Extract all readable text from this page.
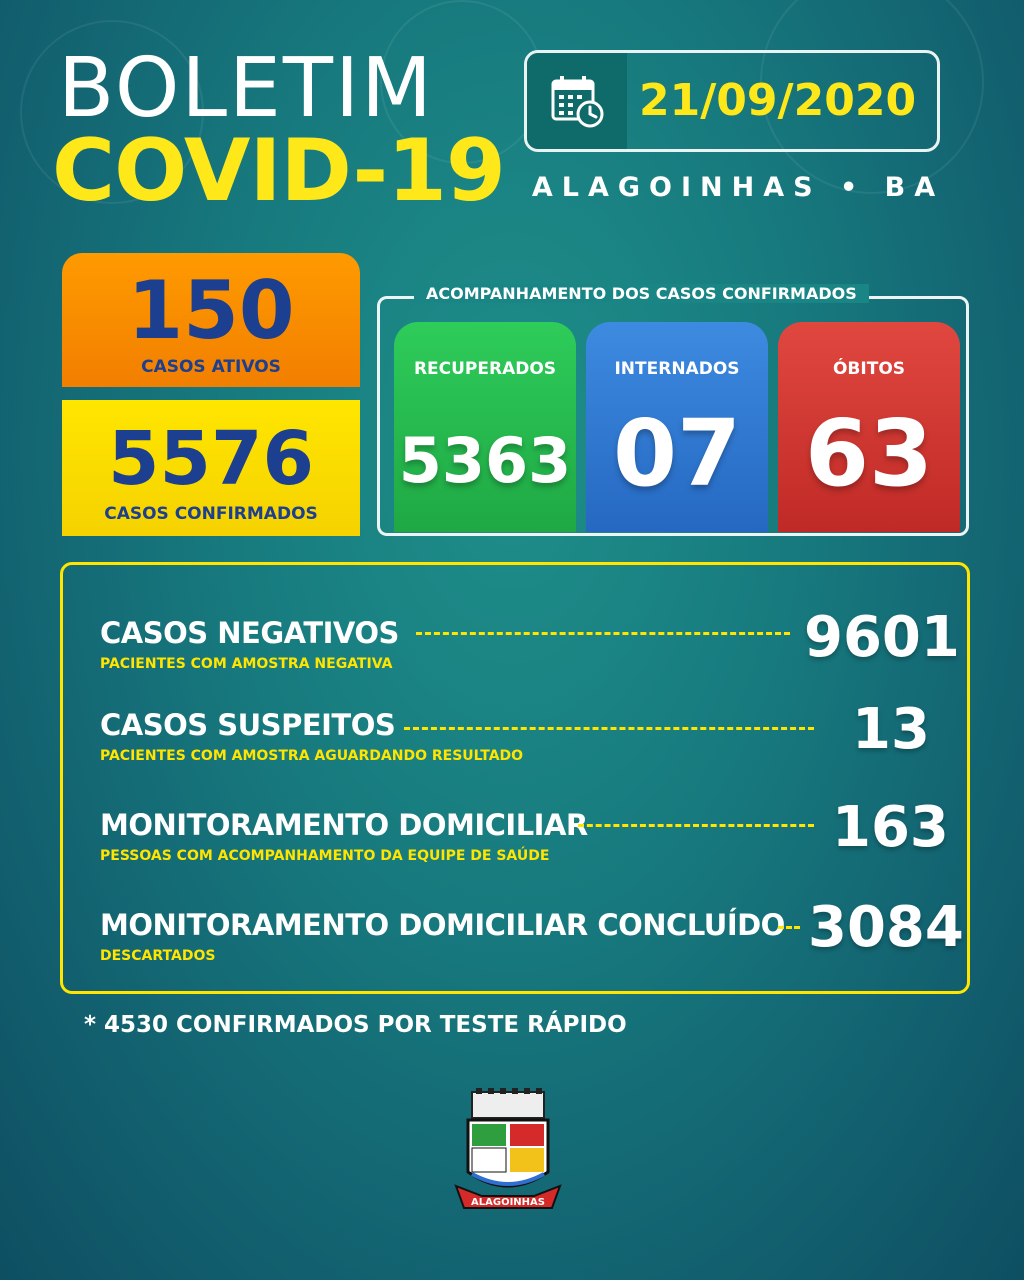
BOLETIM
COVID-19
21/09/2020
ALAGOINHAS • BA
150
CASOS ATIVOS
5576
CASOS CONFIRMADOS
ACOMPANHAMENTO DOS CASOS CONFIRMADOS
RECUPERADOS
5363
INTERNADOS
07
ÓBITOS
63
CASOS NEGATIVOS
PACIENTES COM AMOSTRA NEGATIVA	9601
CASOS SUSPEITOS
PACIENTES COM AMOSTRA AGUARDANDO RESULTADO	13
MONITORAMENTO DOMICILIAR
PESSOAS COM ACOMPANHAMENTO DA EQUIPE DE SAÚDE	163
MONITORAMENTO DOMICILIAR CONCLUÍDO
DESCARTADOS	3084
* 4530 CONFIRMADOS POR TESTE RÁPIDO
ALAGOINHAS
